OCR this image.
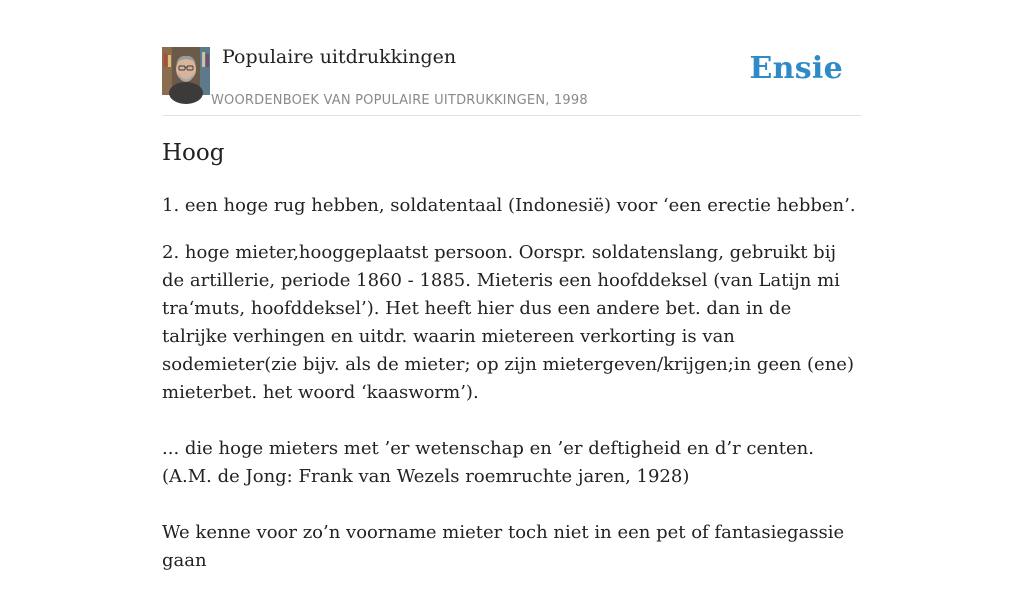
Populaire uitdrukkingen
WOORDENBOEK VAN POPULAIRE UITDRUKKINGEN, 1998
Ensie
Hoog

1. een hoge rug hebben, soldatentaal (Indonesië) voor ‘een erectie hebben’.

2. hoge mieter,hooggeplaatst persoon. Oorspr. soldatenslang, gebruikt bij de artillerie, periode 1860 - 1885. Mieteris een hoofddeksel (van Latijn mi tra‘muts, hoofddeksel’). Het heeft hier dus een andere bet. dan in de talrijke verhingen en uitdr. waarin mietereen verkorting is van sodemieter(zie bijv. als de mieter; op zijn mietergeven/krijgen;in geen (ene) mieterbet. het woord ‘kaasworm’).

... die hoge mieters met ’er wetenschap en ’er deftigheid en d’r centen. (A.M. de Jong: Frank van Wezels roemruchte jaren, 1928)

We kenne voor zo’n voorname mieter toch niet in een pet of fantasiegassie gaan
